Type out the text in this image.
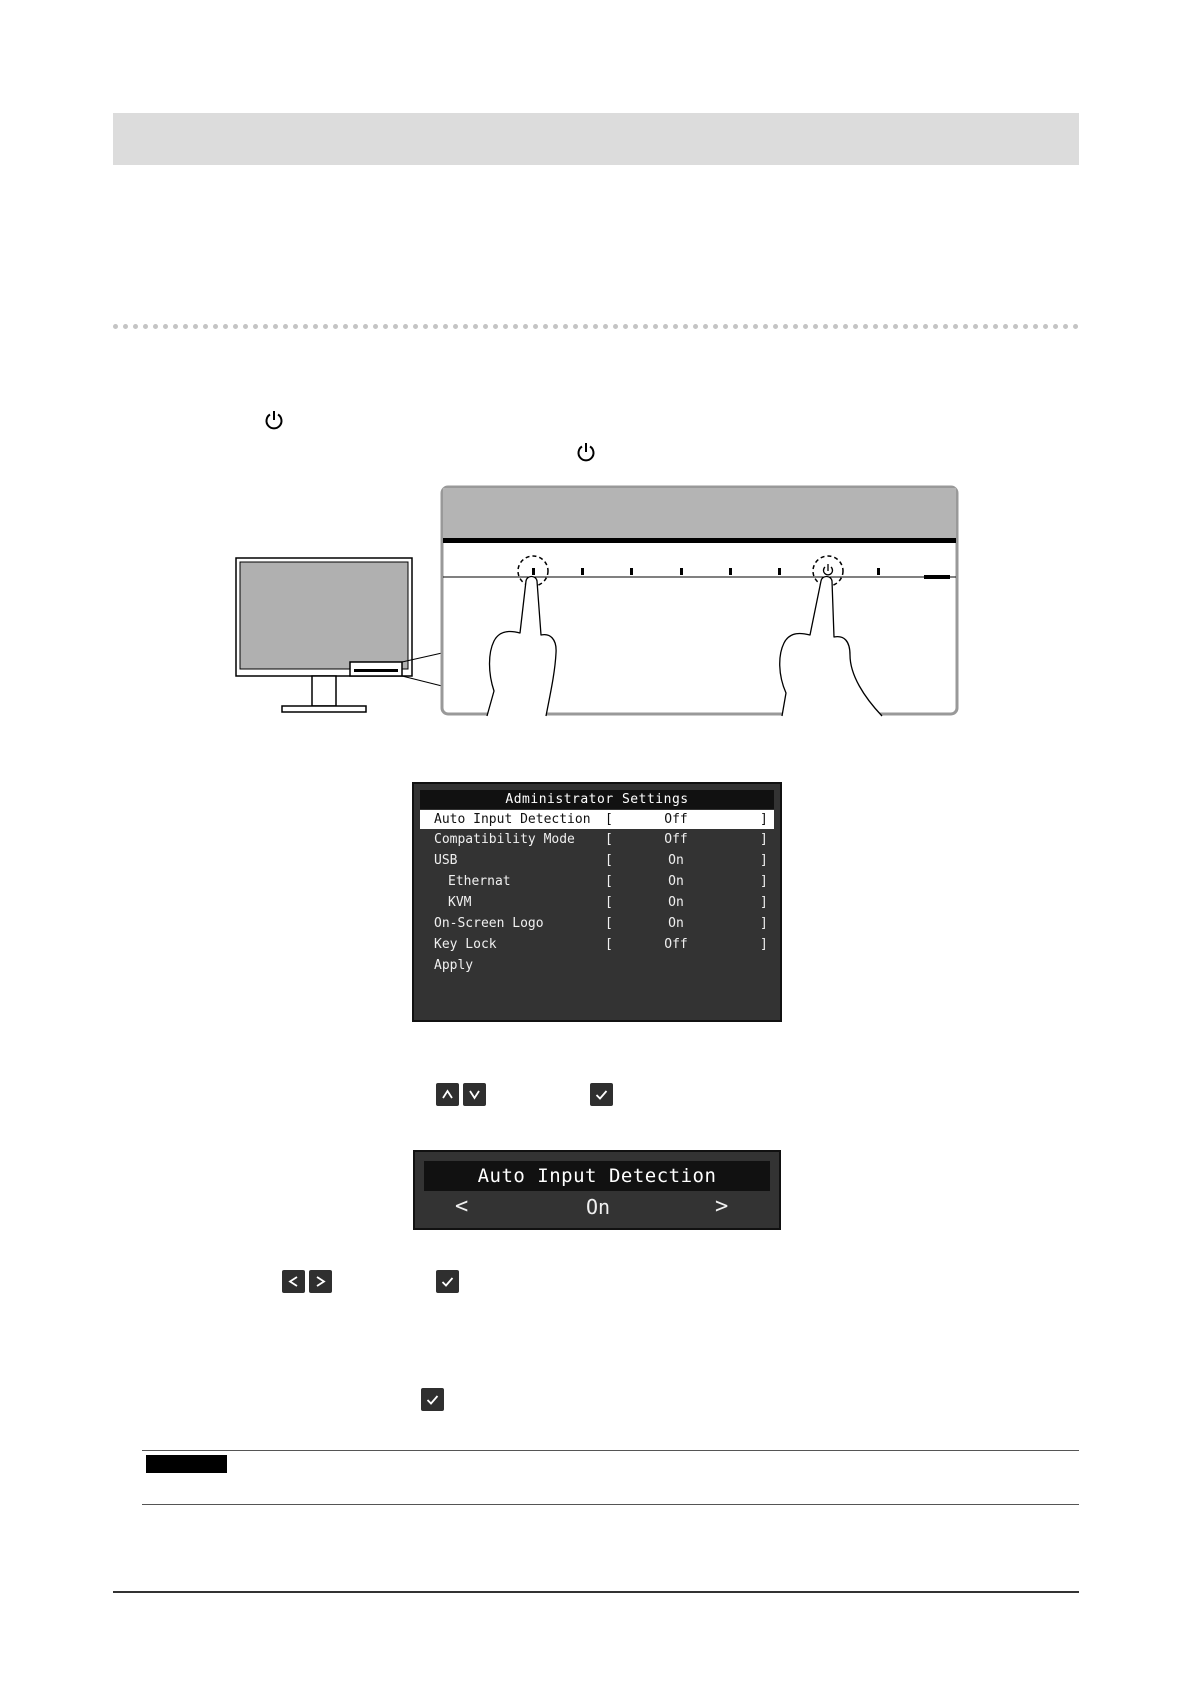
Administrator Settings
Auto Input Detection [	Off	]
Compatibility Mode [	Off	]
USB	[	On	]
Ethernat	[	On	]
KVM	[	On	]
On-Screen Logo	[	On	]
Key Lock	[	Off	]
Apply
Auto Input Detection
<	On	>
